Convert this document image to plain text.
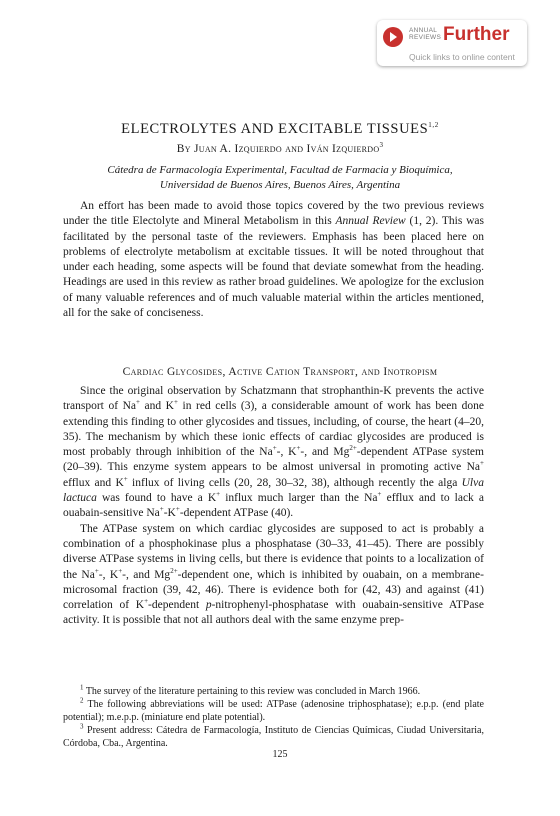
ANNUAL
REVIEWS Further
Quick links to online content
ELECTROLYTES AND EXCITABLE TISSUES$^{1,2}$
By Juan A. Izquierdo and Iván Izquierdo$^3$
Cátedra de Farmacología Experimental, Facultad de Farmacia y Bioquímica,
Universidad de Buenos Aires, Buenos Aires, Argentina

An effort has been made to avoid those topics covered by the two previous reviews under the title Electolyte and Mineral Metabolism in this Annual Review (1, 2). This was facilitated by the personal taste of the reviewers. Emphasis has been placed here on problems of electrolyte metabolism at excitable tissues. It will be noted throughout that under each heading, some aspects will be found that deviate somewhat from the heading. Headings are used in this review as rather broad guidelines. We apologize for the exclusion of many valuable references and of much valuable material within the articles mentioned, all for the sake of conciseness.

Cardiac Glycosides, Active Cation Transport, and Inotropism

Since the original observation by Schatzmann that strophanthin-K prevents the active transport of Na+ and K+ in red cells (3), a considerable amount of work has been done extending this finding to other glycosides and tissues, including, of course, the heart (4–20, 35). The mechanism by which these ionic effects of cardiac glycosides are produced is most probably through inhibition of the Na+-, K+-, and $Mg^{2+}$-dependent ATPase system (20–39). This enzyme system appears to be almost universal in promoting active Na+ efflux and K+ influx of living cells (20, 28, 30–32, 38), although recently the alga Ulva lactuca was found to have a K+ influx much larger than the Na+ efflux and to lack a ouabain-sensitive Na+-K+-dependent ATPase (40).

The ATPase system on which cardiac glycosides are supposed to act is probably a combination of a phosphokinase plus a phosphatase (30–33, 41–45). There are possibly diverse ATPase systems in living cells, but there is evidence that points to a localization of the Na+-, K+-, and $Mg^{2+}$-dependent one, which is inhibited by ouabain, on a membrane-microsomal fraction (39, 42, 46). There is evidence both for (42, 43) and against (41) correlation of K+-dependent p-nitrophenyl-phosphatase with ouabain-sensitive ATPase activity. It is possible that not all authors deal with the same enzyme prep-

$^1$ The survey of the literature pertaining to this review was concluded in March 1966.

$^2$ The following abbreviations will be used: ATPase (adenosine triphosphatase); e.p.p. (end plate potential); m.e.p.p. (miniature end plate potential).

$^3$ Present address: Cátedra de Farmacología, Instituto de Ciencias Químicas, Ciudad Universitaria, Córdoba, Cba., Argentina.

125
